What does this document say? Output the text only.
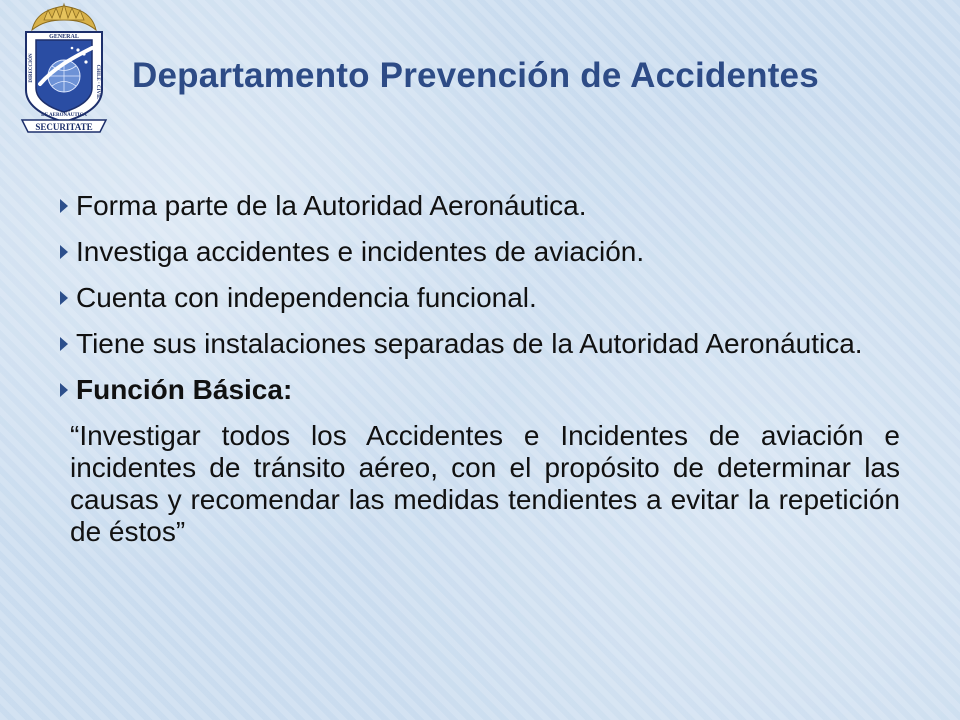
SECURITATE
GENERAL
DIRECCIÓN	CHILE · CIVIL
DE AERONÁUTICA
Departamento Prevención de Accidentes
Forma parte de la Autoridad Aeronáutica.
Investiga accidentes e incidentes de aviación.
Cuenta con independencia funcional.
Tiene sus instalaciones separadas de la Autoridad Aeronáutica.
Función Básica:
“Investigar todos los Accidentes e Incidentes de aviación e incidentes de tránsito aéreo, con el propósito de determinar las causas y recomendar las medidas tendientes a evitar la repetición de éstos”
